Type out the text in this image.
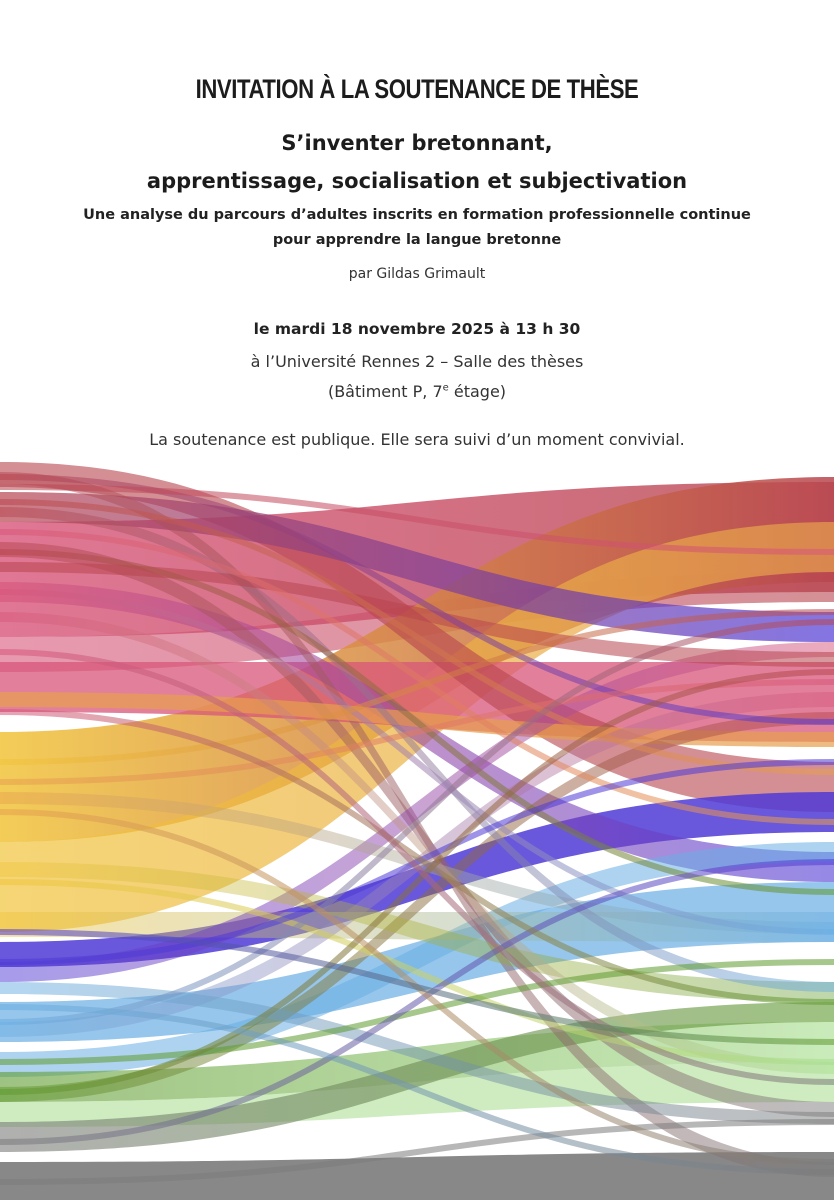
INVITATION À LA SOUTENANCE DE THÈSE
S’inventer bretonnant,
apprentissage, socialisation et subjectivation
Une analyse du parcours d’adultes inscrits en formation professionnelle continue
pour apprendre la langue bretonne
par Gildas Grimault
le mardi 18 novembre 2025 à 13 h 30
à l’Université Rennes 2 – Salle des thèses
(Bâtiment P, 7e étage)
La soutenance est publique. Elle sera suivi d’un moment convivial.
